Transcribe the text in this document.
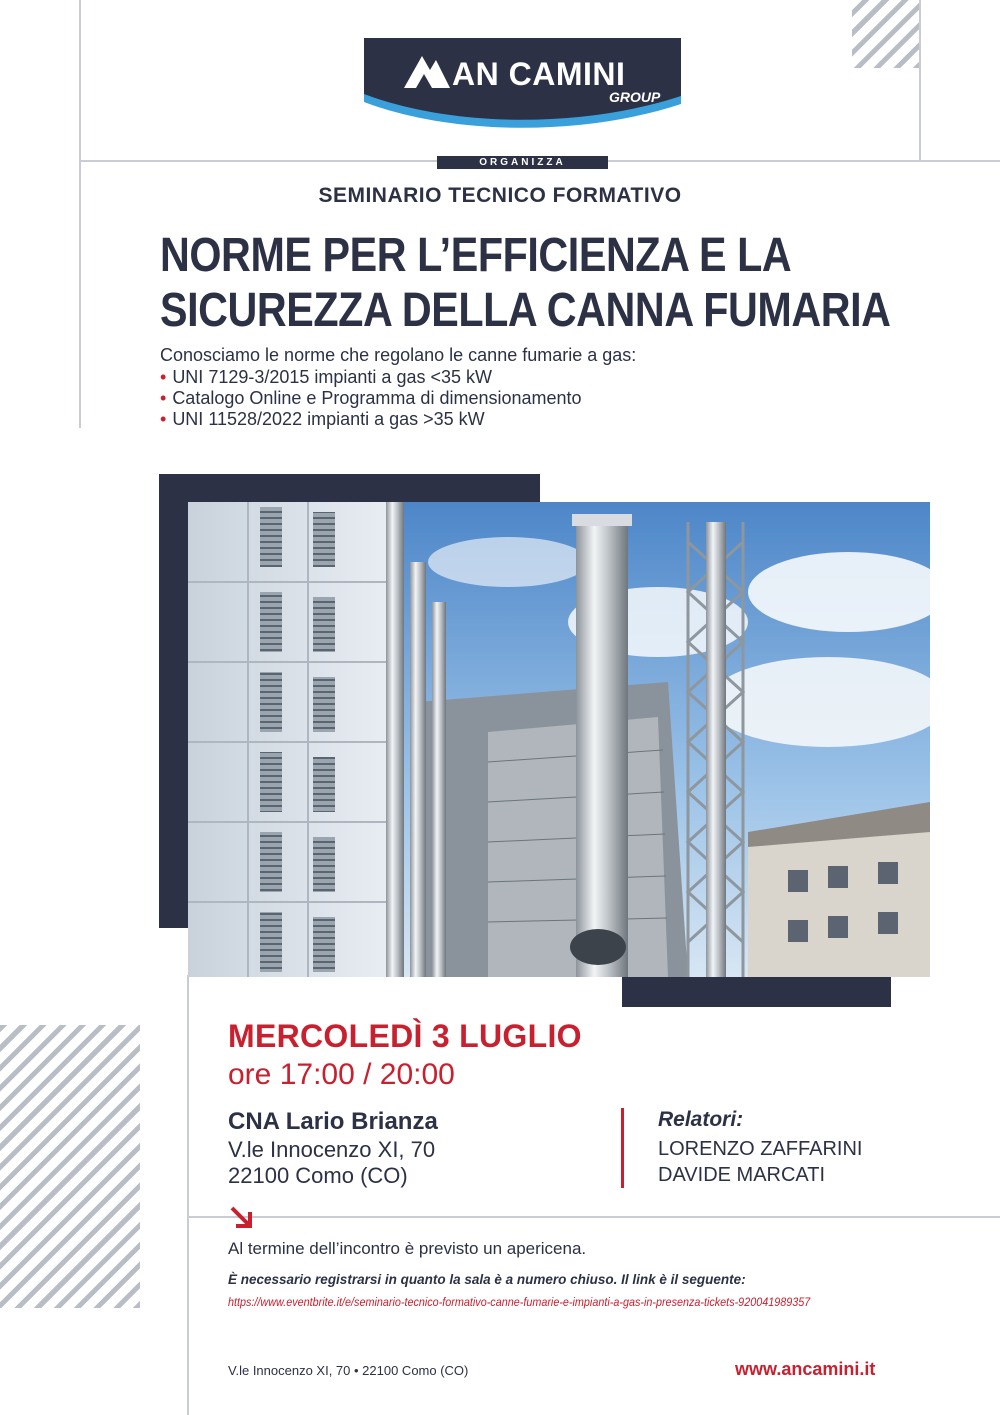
AN CAMINI
GROUP
ORGANIZZA
SEMINARIO TECNICO FORMATIVO
NORME PER L’EFFICIENZA E LA
SICUREZZA DELLA CANNA FUMARIA
Conosciamo le norme che regolano le canne fumarie a gas:
• UNI 7129-3/2015 impianti a gas <35 kW
• Catalogo Online e Programma di dimensionamento
• UNI 11528/2022 impianti a gas >35 kW
MERCOLEDÌ 3 LUGLIO
ore 17:00 / 20:00
CNA Lario Brianza
V.le Innocenzo XI, 70
22100 Como (CO)
Relatori:
LORENZO ZAFFARINI
DAVIDE MARCATI
Al termine dell’incontro è previsto un apericena.
È necessario registrarsi in quanto la sala è a numero chiuso. Il link è il seguente:
https://www.eventbrite.it/e/seminario-tecnico-formativo-canne-fumarie-e-impianti-a-gas-in-presenza-tickets-920041989357
V.le Innocenzo XI, 70 • 22100 Como (CO)	www.ancamini.it
